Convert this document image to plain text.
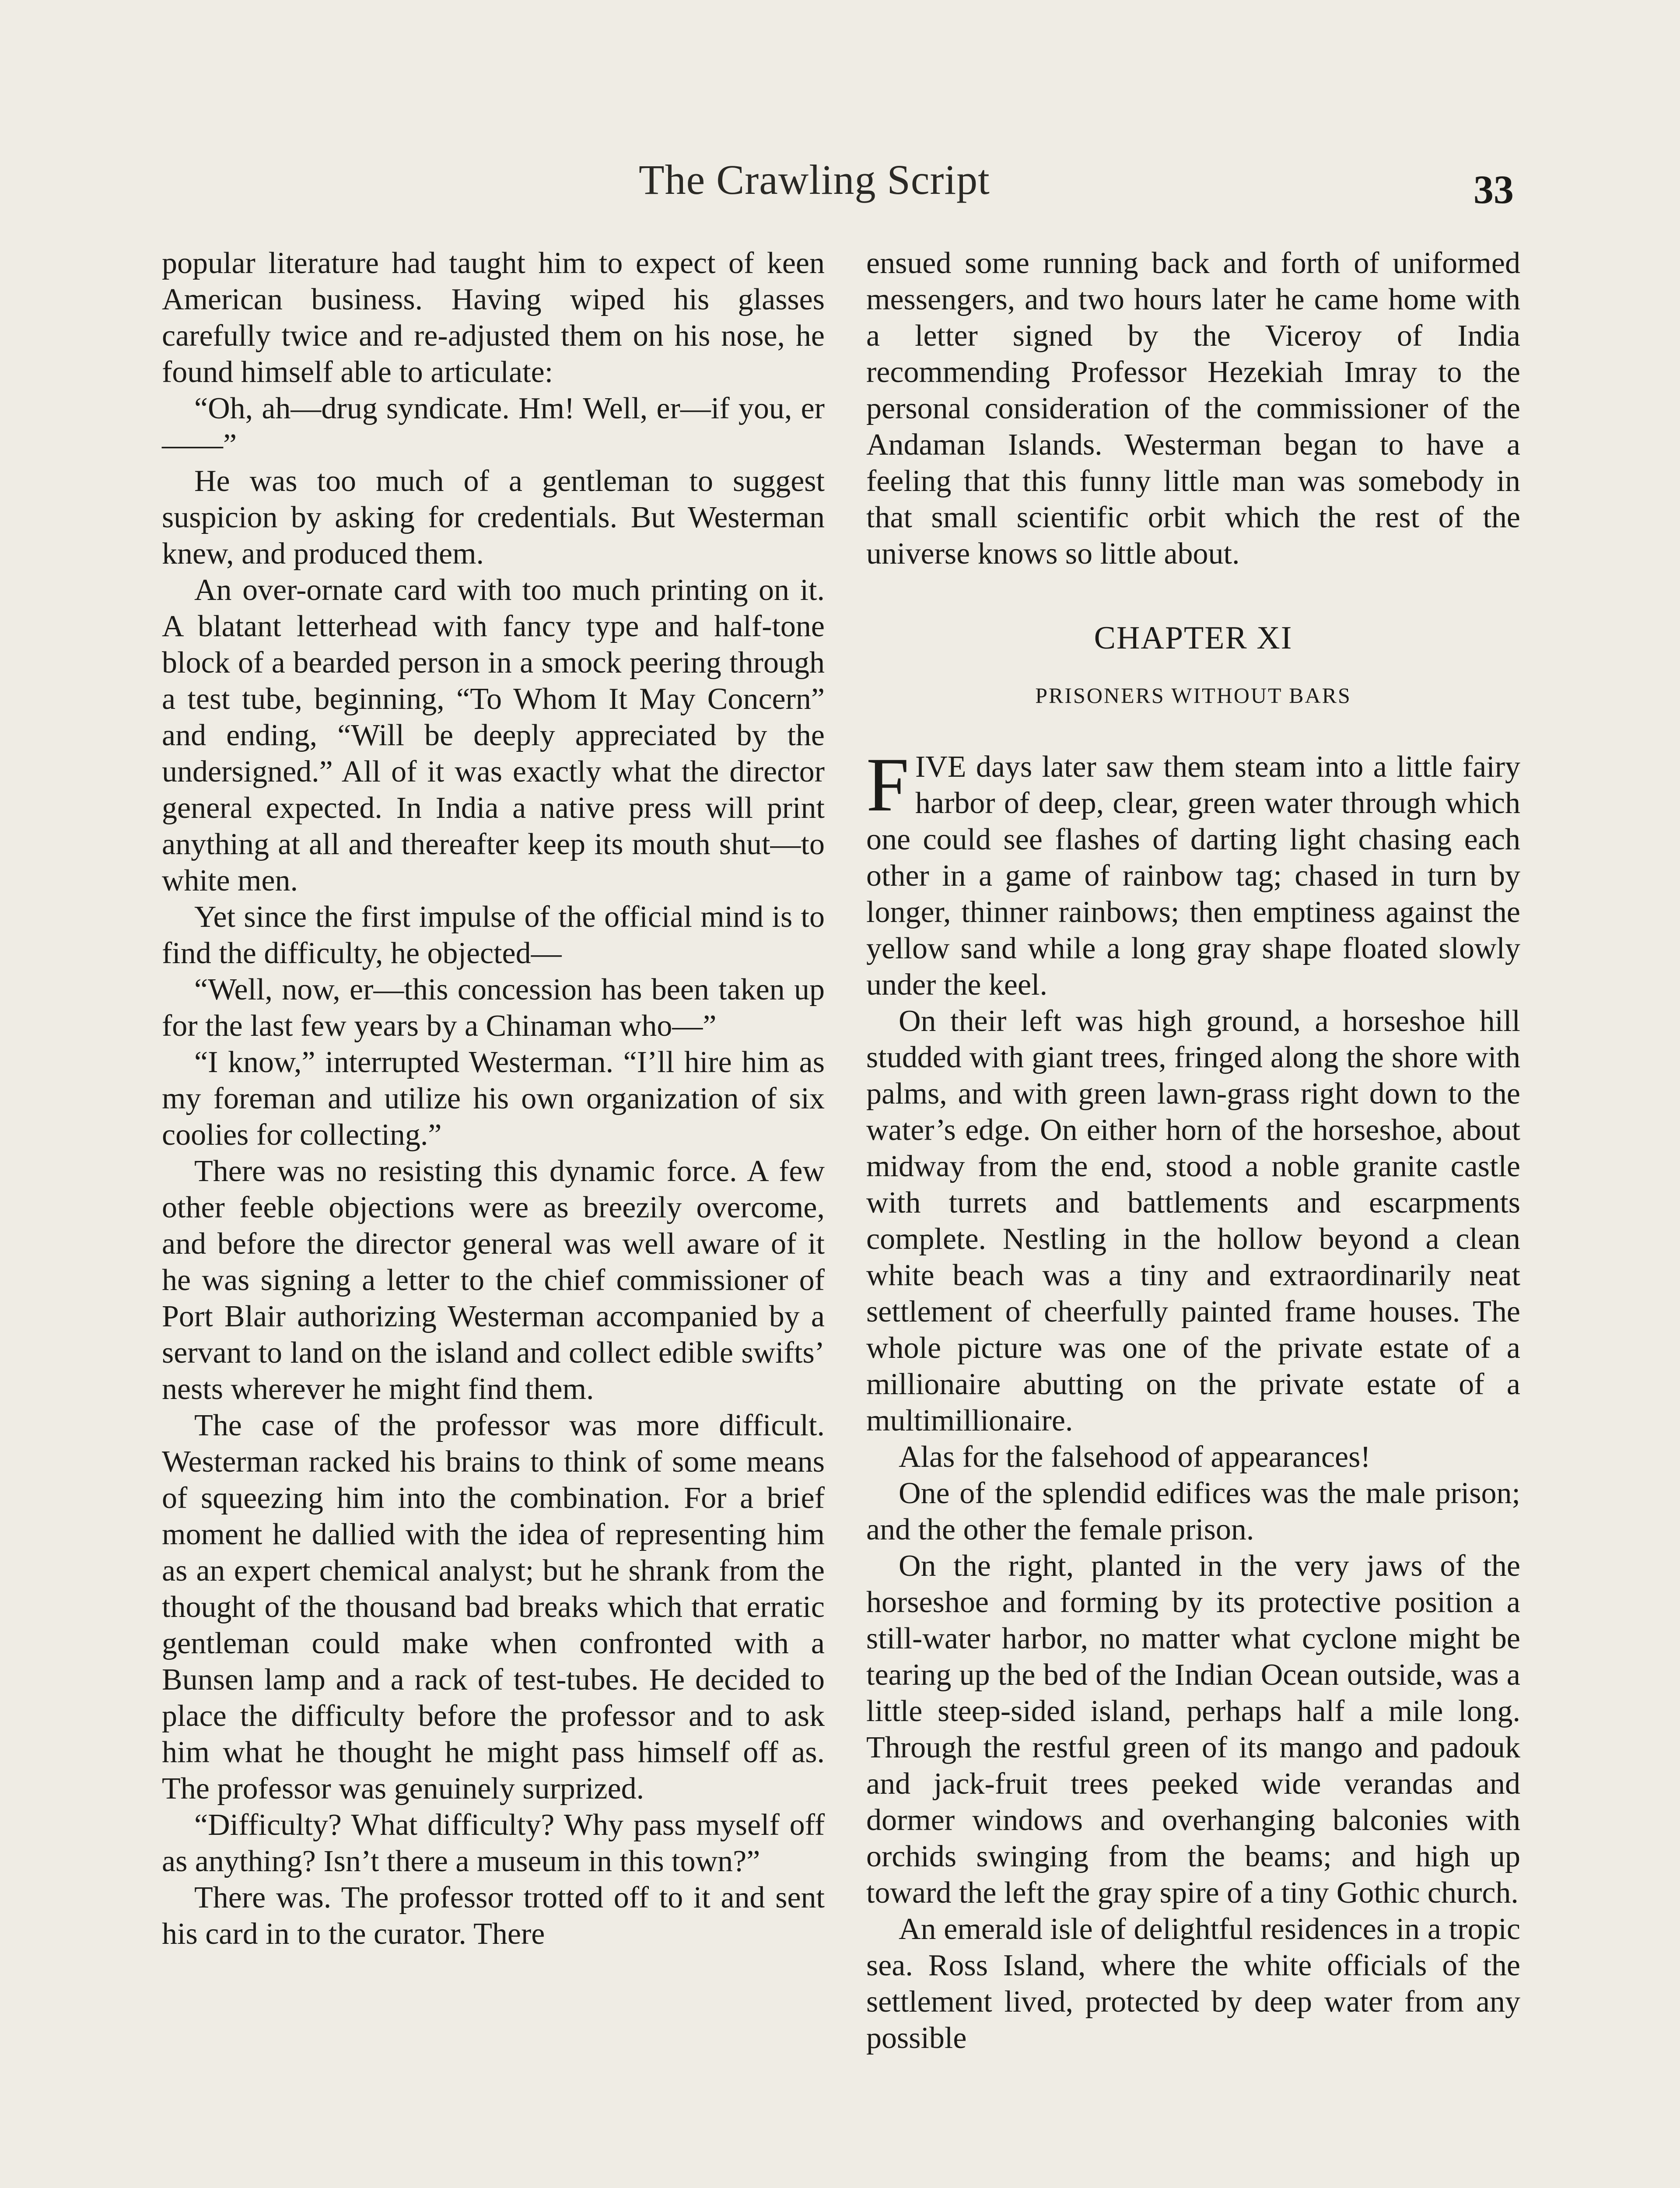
The Crawling Script	33

popular literature had taught him to expect of keen American business. Having wiped his glasses carefully twice and re-adjusted them on his nose, he found himself able to articulate:

“Oh, ah—drug syndicate. Hm! Well, er—if you, er——”

He was too much of a gentleman to suggest suspicion by asking for credentials. But Westerman knew, and produced them.

An over-ornate card with too much printing on it. A blatant letterhead with fancy type and half-tone block of a bearded person in a smock peering through a test tube, beginning, “To Whom It May Concern” and ending, “Will be deeply appreciated by the undersigned.” All of it was exactly what the director general expected. In India a native press will print anything at all and thereafter keep its mouth shut—to white men.

Yet since the first impulse of the official mind is to find the difficulty, he objected—

“Well, now, er—this concession has been taken up for the last few years by a Chinaman who—”

“I know,” interrupted Westerman. “I’ll hire him as my foreman and utilize his own organization of six coolies for collecting.”

There was no resisting this dynamic force. A few other feeble objections were as breezily overcome, and before the director general was well aware of it he was signing a letter to the chief commissioner of Port Blair authorizing Westerman accompanied by a servant to land on the island and collect edible swifts’ nests wherever he might find them.

The case of the professor was more difficult. Westerman racked his brains to think of some means of squeezing him into the combination. For a brief moment he dallied with the idea of representing him as an expert chemical analyst; but he shrank from the thought of the thousand bad breaks which that erratic gentleman could make when confronted with a Bunsen lamp and a rack of test-tubes. He decided to place the difficulty before the professor and to ask him what he thought he might pass himself off as. The professor was genuinely surprized.

“Difficulty? What difficulty? Why pass myself off as anything? Isn’t there a museum in this town?”

There was. The professor trotted off to it and sent his card in to the curator. There

ensued some running back and forth of uniformed messengers, and two hours later he came home with a letter signed by the Viceroy of India recommending Professor Hezekiah Imray to the personal consideration of the commissioner of the Andaman Islands. Westerman began to have a feeling that this funny little man was somebody in that small scientific orbit which the rest of the universe knows so little about.

CHAPTER XI

PRISONERS WITHOUT BARS

FIVE days later saw them steam into a little fairy harbor of deep, clear, green water through which one could see flashes of darting light chasing each other in a game of rainbow tag; chased in turn by longer, thinner rainbows; then emptiness against the yellow sand while a long gray shape floated slowly under the keel.

On their left was high ground, a horseshoe hill studded with giant trees, fringed along the shore with palms, and with green lawn-grass right down to the water’s edge. On either horn of the horseshoe, about midway from the end, stood a noble granite castle with turrets and battlements and escarpments complete. Nestling in the hollow beyond a clean white beach was a tiny and extraordinarily neat settlement of cheerfully painted frame houses. The whole picture was one of the private estate of a millionaire abutting on the private estate of a multimillionaire.

Alas for the falsehood of appearances!

One of the splendid edifices was the male prison; and the other the female prison.

On the right, planted in the very jaws of the horseshoe and forming by its protective position a still-water harbor, no matter what cyclone might be tearing up the bed of the Indian Ocean outside, was a little steep-sided island, perhaps half a mile long. Through the restful green of its mango and padouk and jack-fruit trees peeked wide verandas and dormer windows and overhanging balconies with orchids swinging from the beams; and high up toward the left the gray spire of a tiny Gothic church.

An emerald isle of delightful residences in a tropic sea. Ross Island, where the white officials of the settlement lived, protected by deep water from any possible
